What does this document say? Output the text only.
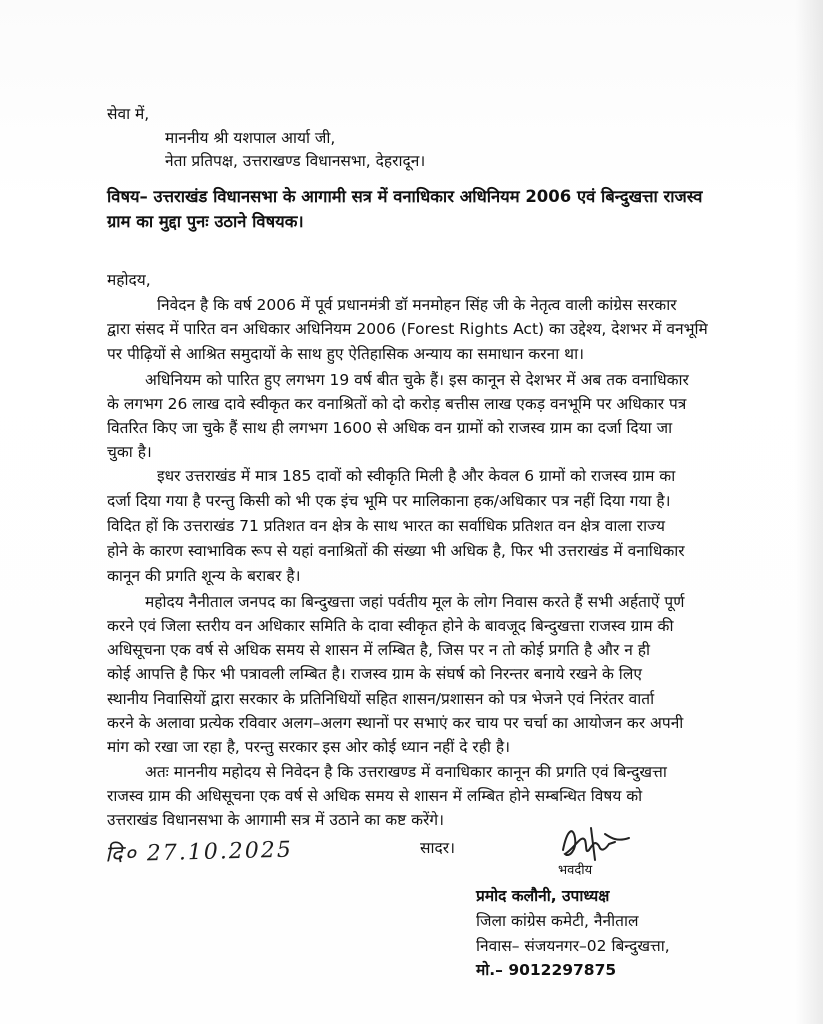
सेवा में,
माननीय श्री यशपाल आर्या जी,
नेता प्रतिपक्ष, उत्तराखण्ड विधानसभा, देहरादून।
विषय– उत्तराखंड विधानसभा के आगामी सत्र में वनाधिकार अधिनियम 2006 एवं बिन्दुखत्ता राजस्व
ग्राम का मुद्दा पुनः उठाने विषयक।
महोदय,
निवेदन है कि वर्ष 2006 में पूर्व प्रधानमंत्री डॉ मनमोहन सिंह जी के नेतृत्व वाली कांग्रेस सरकार
द्वारा संसद में पारित वन अधिकार अधिनियम 2006 (Forest Rights Act) का उद्देश्य, देशभर में वनभूमि
पर पीढ़ियों से आश्रित समुदायों के साथ हुए ऐतिहासिक अन्याय का समाधान करना था।
अधिनियम को पारित हुए लगभग 19 वर्ष बीत चुके हैं। इस कानून से देशभर में अब तक वनाधिकार
के लगभग 26 लाख दावे स्वीकृत कर वनाश्रितों को दो करोड़ बत्तीस लाख एकड़ वनभूमि पर अधिकार पत्र
वितरित किए जा चुके हैं साथ ही लगभग 1600 से अधिक वन ग्रामों को राजस्व ग्राम का दर्जा दिया जा
चुका है।
इधर उत्तराखंड में मात्र 185 दावों को स्वीकृति मिली है और केवल 6 ग्रामों को राजस्व ग्राम का
दर्जा दिया गया है परन्तु किसी को भी एक इंच भूमि पर मालिकाना हक/अधिकार पत्र नहीं दिया गया है।
विदित हों कि उत्तराखंड 71 प्रतिशत वन क्षेत्र के साथ भारत का सर्वाधिक प्रतिशत वन क्षेत्र वाला राज्य
होने के कारण स्वाभाविक रूप से यहां वनाश्रितों की संख्या भी अधिक है, फिर भी उत्तराखंड में वनाधिकार
कानून की प्रगति शून्य के बराबर है।
महोदय नैनीताल जनपद का बिन्दुखत्ता जहां पर्वतीय मूल के लोग निवास करते हैं सभी अर्हताऐं पूर्ण
करने एवं जिला स्तरीय वन अधिकार समिति के दावा स्वीकृत होने के बावजूद बिन्दुखत्ता राजस्व ग्राम की
अधिसूचना एक वर्ष से अधिक समय से शासन में लम्बित है, जिस पर न तो कोई प्रगति है और न ही
कोई आपत्ति है फिर भी पत्रावली लम्बित है। राजस्व ग्राम के संघर्ष को निरन्तर बनाये रखने के लिए
स्थानीय निवासियों द्वारा सरकार के प्रतिनिधियों सहित शासन/प्रशासन को पत्र भेजने एवं निरंतर वार्ता
करने के अलावा प्रत्येक रविवार अलग–अलग स्थानों पर सभाएं कर चाय पर चर्चा का आयोजन कर अपनी
मांग को रखा जा रहा है, परन्तु सरकार इस ओर कोई ध्यान नहीं दे रही है।
अतः माननीय महोदय से निवेदन है कि उत्तराखण्ड में वनाधिकार कानून की प्रगति एवं बिन्दुखत्ता
राजस्व ग्राम की अधिसूचना एक वर्ष से अधिक समय से शासन में लम्बित होने सम्बन्धित विषय को
उत्तराखंड विधानसभा के आगामी सत्र में उठाने का कष्ट करेंगे।
सादर।
दि० 27.10.2025
भवदीय
प्रमोद कलौनी, उपाध्यक्ष
जिला कांग्रेस कमेटी, नैनीताल
निवास– संजयनगर–02 बिन्दुखत्ता,
मो.– 9012297875
